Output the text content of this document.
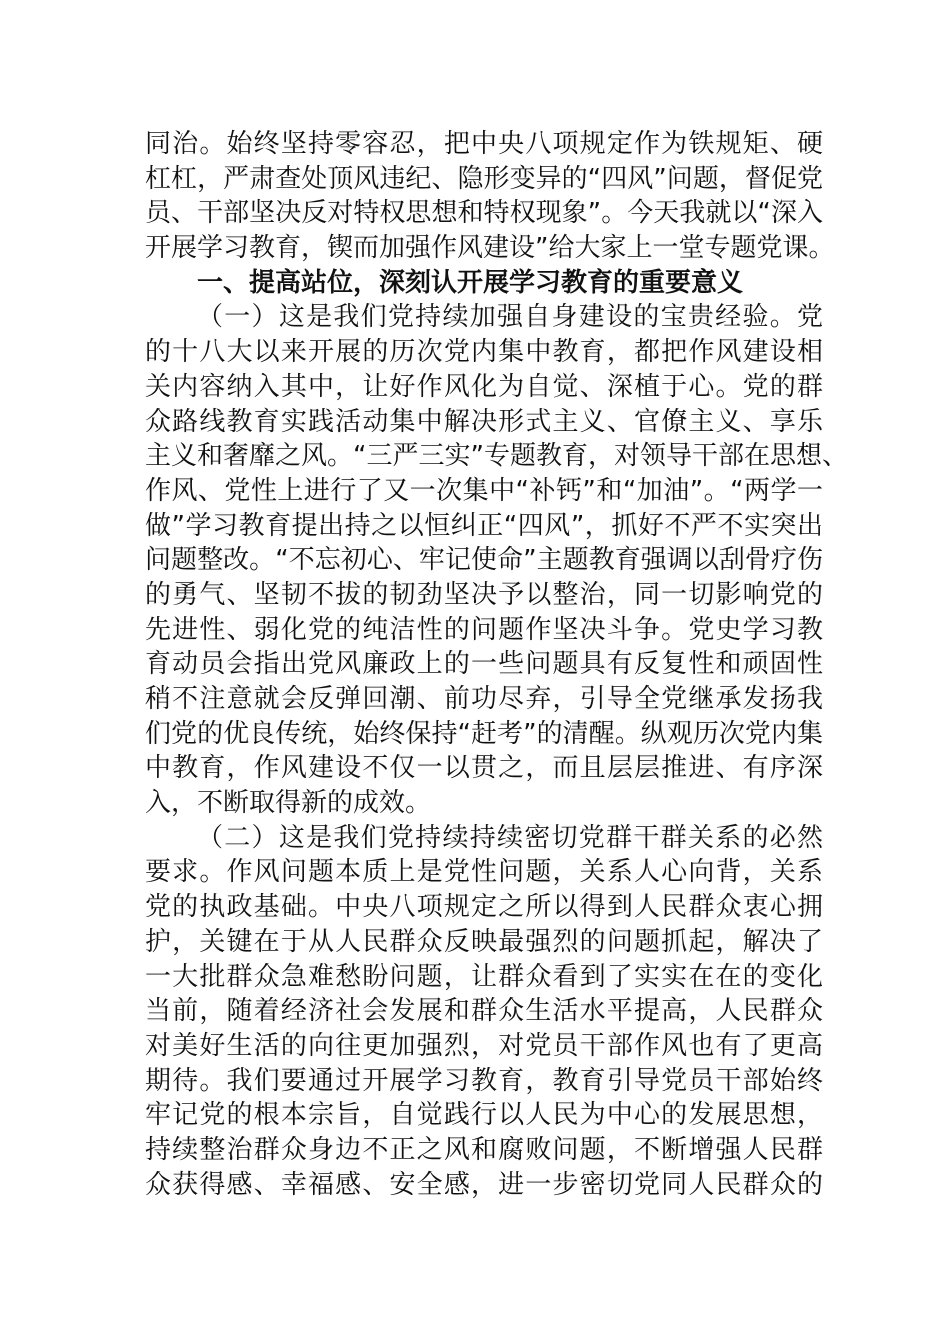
同治。始终坚持零容忍，把中央八项规定作为铁规矩、硬
杠杠，严肃查处顶风违纪、隐形变异的“四风”问题，督促党
员、干部坚决反对特权思想和特权现象”。今天我就以“深入
开展学习教育，锲而加强作风建设”给大家上一堂专题党课。
一、提高站位，深刻认开展学习教育的重要意义
（一）这是我们党持续加强自身建设的宝贵经验。党
的十八大以来开展的历次党内集中教育，都把作风建设相
关内容纳入其中，让好作风化为自觉、深植于心。党的群
众路线教育实践活动集中解决形式主义、官僚主义、享乐
主义和奢靡之风。“三严三实”专题教育，对领导干部在思想、
作风、党性上进行了又一次集中“补钙”和“加油”。“两学一
做”学习教育提出持之以恒纠正“四风”，抓好不严不实突出
问题整改。“不忘初心、牢记使命”主题教育强调以刮骨疗伤
的勇气、坚韧不拔的韧劲坚决予以整治，同一切影响党的
先进性、弱化党的纯洁性的问题作坚决斗争。党史学习教
育动员会指出党风廉政上的一些问题具有反复性和顽固性
稍不注意就会反弹回潮、前功尽弃，引导全党继承发扬我
们党的优良传统，始终保持“赶考”的清醒。纵观历次党内集
中教育，作风建设不仅一以贯之，而且层层推进、有序深
入，不断取得新的成效。
（二）这是我们党持续持续密切党群干群关系的必然
要求。作风问题本质上是党性问题，关系人心向背，关系
党的执政基础。中央八项规定之所以得到人民群众衷心拥
护，关键在于从人民群众反映最强烈的问题抓起，解决了
一大批群众急难愁盼问题，让群众看到了实实在在的变化
当前，随着经济社会发展和群众生活水平提高，人民群众
对美好生活的向往更加强烈，对党员干部作风也有了更高
期待。我们要通过开展学习教育，教育引导党员干部始终
牢记党的根本宗旨，自觉践行以人民为中心的发展思想，
持续整治群众身边不正之风和腐败问题，不断增强人民群
众获得感、幸福感、安全感，进一步密切党同人民群众的
